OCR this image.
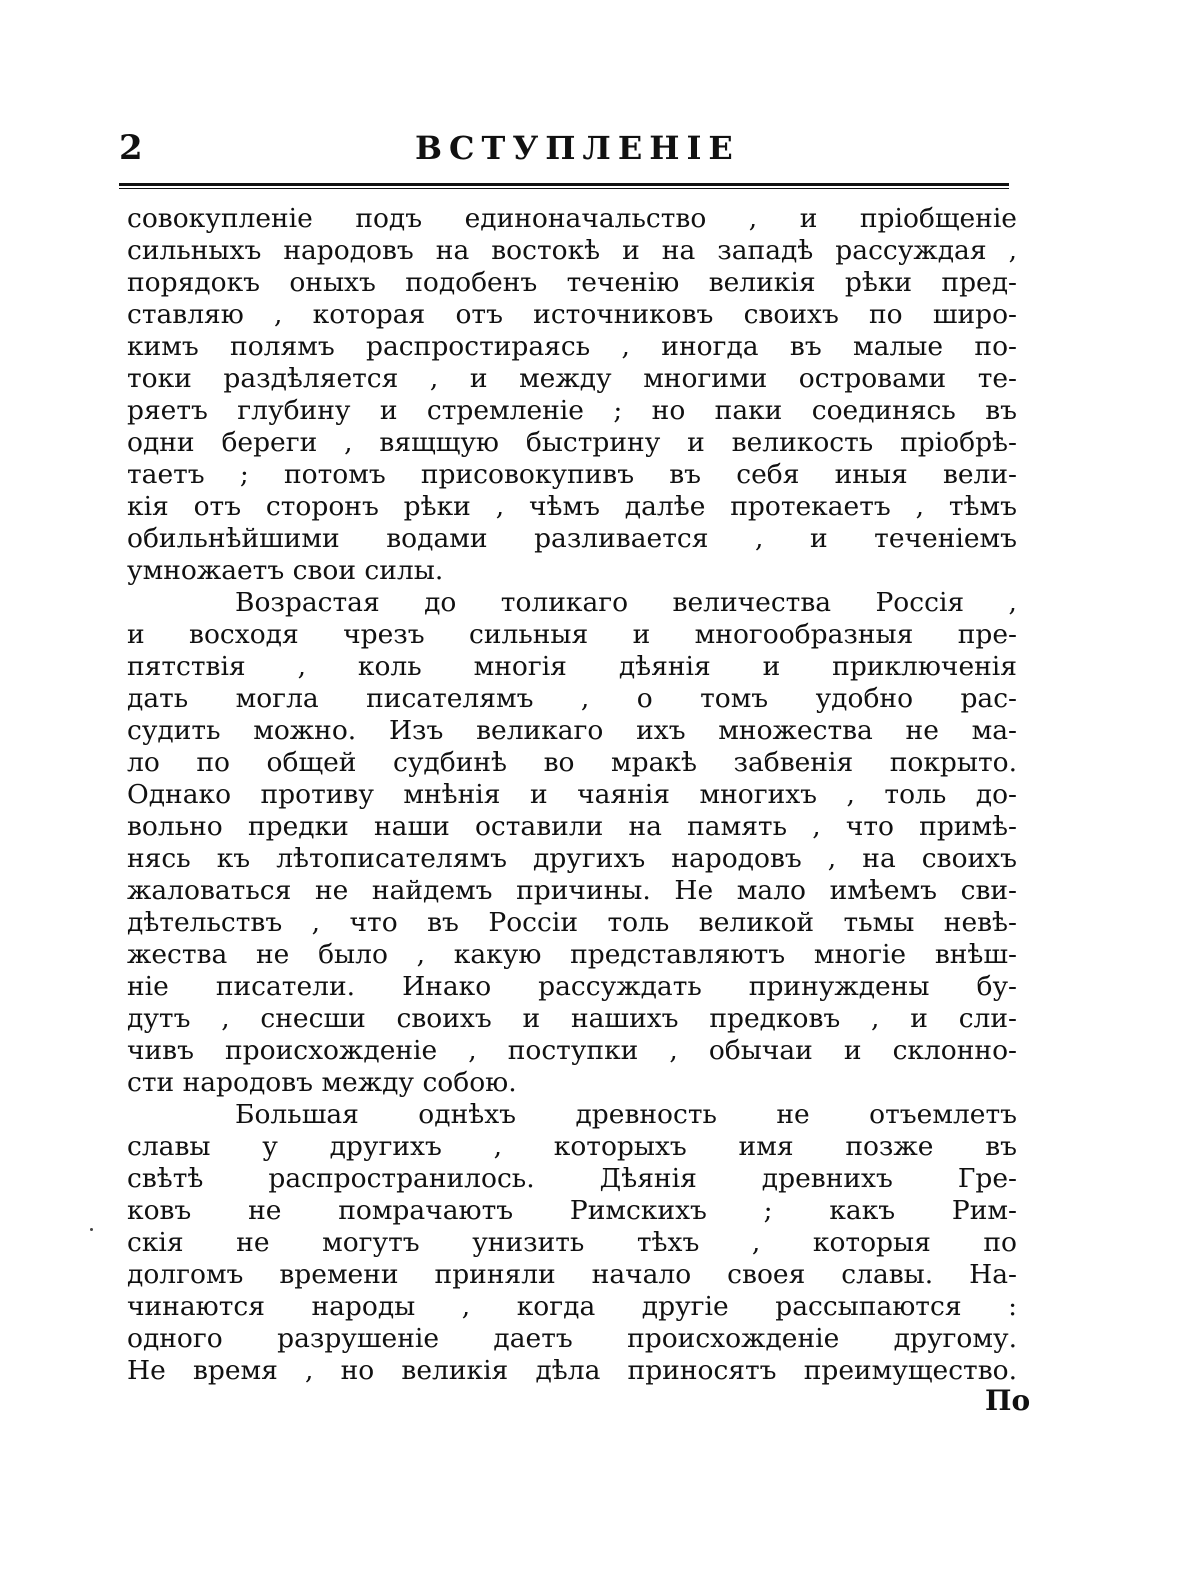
2	ВСТУПЛЕНІЕ
совокупленіе подъ единоначальство , и пріобщеніе
сильныхъ народовъ на востокѣ и на западѣ рассуждая ,
порядокъ оныхъ подобенъ теченію великія рѣки пред-
ставляю , которая отъ источниковъ своихъ по широ-
кимъ полямъ распростираясь , иногда въ малые по-
токи раздѣляется , и между многими островами те-
ряетъ глубину и стремленіе ; но паки соединясь въ
одни береги , вящщую быстрину и великость пріобрѣ-
таетъ ; потомъ присовокупивъ въ себя иныя вели-
кія отъ сторонъ рѣки , чѣмъ далѣе протекаетъ , тѣмъ
обильнѣйшими водами разливается , и теченіемъ
умножаетъ свои силы.
Возрастая до толикаго величества Россія ,
и восходя чрезъ сильныя и многообразныя пре-
пятствія , коль многія дѣянія и приключенія
дать могла писателямъ , о томъ удобно рас-
судить можно. Изъ великаго ихъ множества не ма-
ло по общей судбинѣ во мракѣ забвенія покрыто.
Однако противу мнѣнія и чаянія многихъ , толь до-
вольно предки наши оставили на память , что примѣ-
нясь къ лѣтописателямъ другихъ народовъ , на своихъ
жаловаться не найдемъ причины. Не мало имѣемъ сви-
дѣтельствъ , что въ Россіи толь великой тьмы невѣ-
жества не было , какую представляютъ многіе внѣш-
ніе писатели. Инако рассуждать принуждены бу-
дутъ , снесши своихъ и нашихъ предковъ , и сли-
чивъ происхожденіе , поступки , обычаи и склонно-
сти народовъ между собою.
Большая однѣхъ древность не отъемлетъ
славы у другихъ , которыхъ имя позже въ
свѣтѣ распространилось. Дѣянія древнихъ Гре-
ковъ не помрачаютъ Римскихъ ; какъ Рим-
скія не могутъ унизить тѣхъ , которыя по
долгомъ времени приняли начало своея славы. На-
чинаются народы , когда другіе рассыпаются :
одного разрушеніе даетъ происхожденіе другому.
Не время , но великія дѣла приносятъ преимущество.
По
